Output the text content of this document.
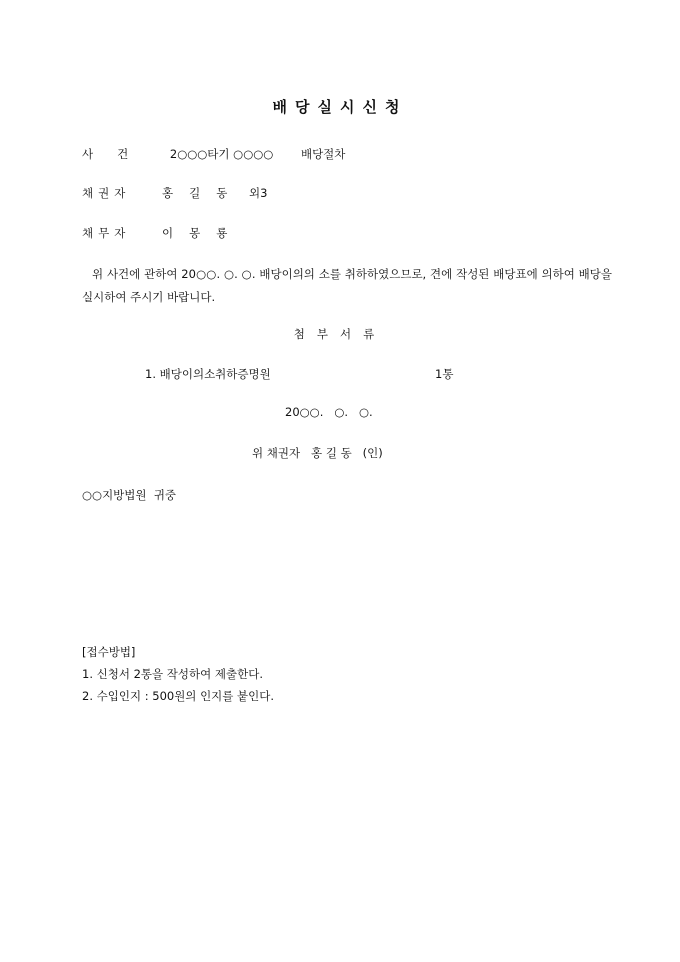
배당실시신청
사건 2○○○타기 ○○○○ 배당절차
채권자	홍길동 외3
채무자	이몽룡
위 사건에 관하여 20○○. ○. ○. 배당이의의 소를 취하하였으므로, 견에 작성된 배당표에 의하여 배당을 실시하여 주시기 바랍니다.
첨부서류
1. 배당이의소취하증명원	1통
20○○.   ○.   ○.
위 채권자   홍 길 동   (인)
○○지방법원  귀중
[접수방법]
1. 신청서 2통을 작성하여 제출한다.
2. 수입인지 : 500원의 인지를 붙인다.
